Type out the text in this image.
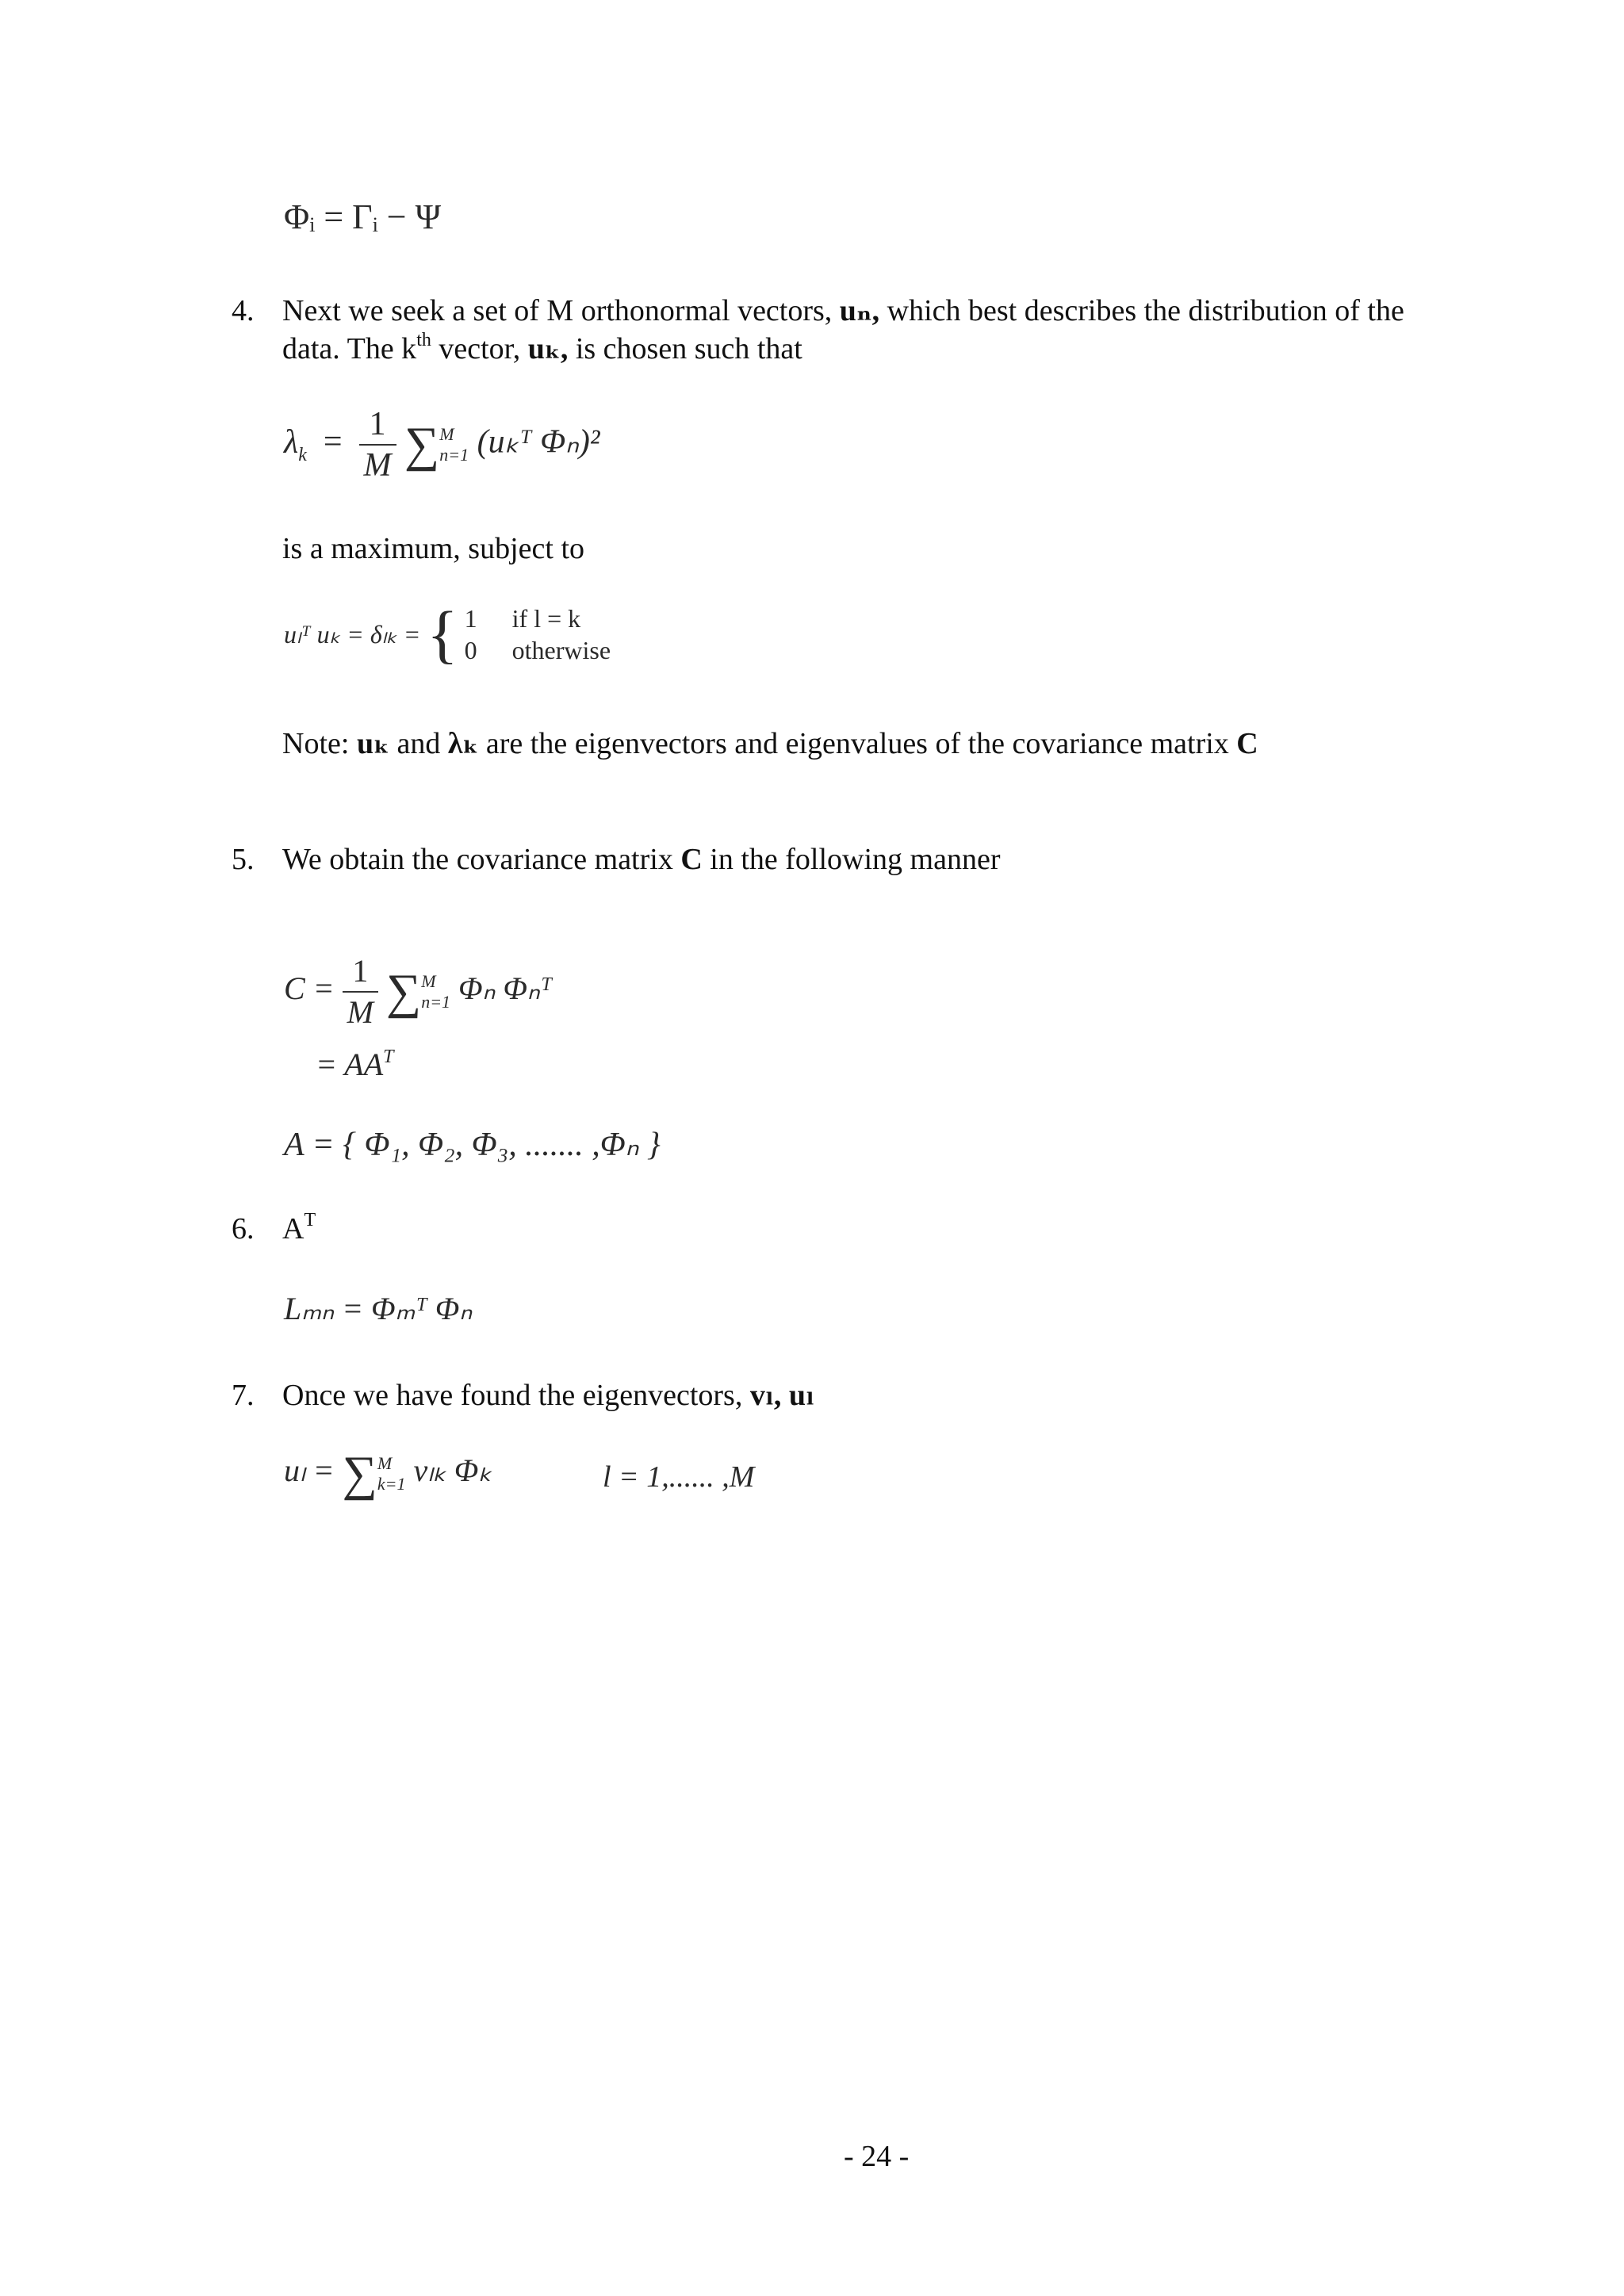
Φᵢ = Γᵢ − Ψ
4. Next we seek a set of M orthonormal vectors, uₙ, which best describes the distribution of the
data. The $k^{th}$ vector, uₖ, is chosen such that
$\lambda_k = \frac{1}{M}$ ∑ M
n=1 (uₖᵀ Φₙ)²
is a maximum, subject to
uₗᵀ uₖ = δₗₖ = { 1 if l = k
0 otherwise
Note: uₖ and λₖ are the eigenvectors and eigenvalues of the covariance matrix C
5. We obtain the covariance matrix C in the following manner
$C = \frac{1}{M}$ ∑ M
n=1 Φₙ Φₙᵀ
= $AA^T$
A = { Φ₁, Φ₂, Φ₃, ....... ,Φₙ }
6. $A^T$
Lₘₙ = Φₘᵀ Φₙ
7. Once we have found the eigenvectors, vₗ, uₗ
uₗ = ∑ M
k=1 vₗₖ Φₖ	l = 1,...... ,M
- 24 -
